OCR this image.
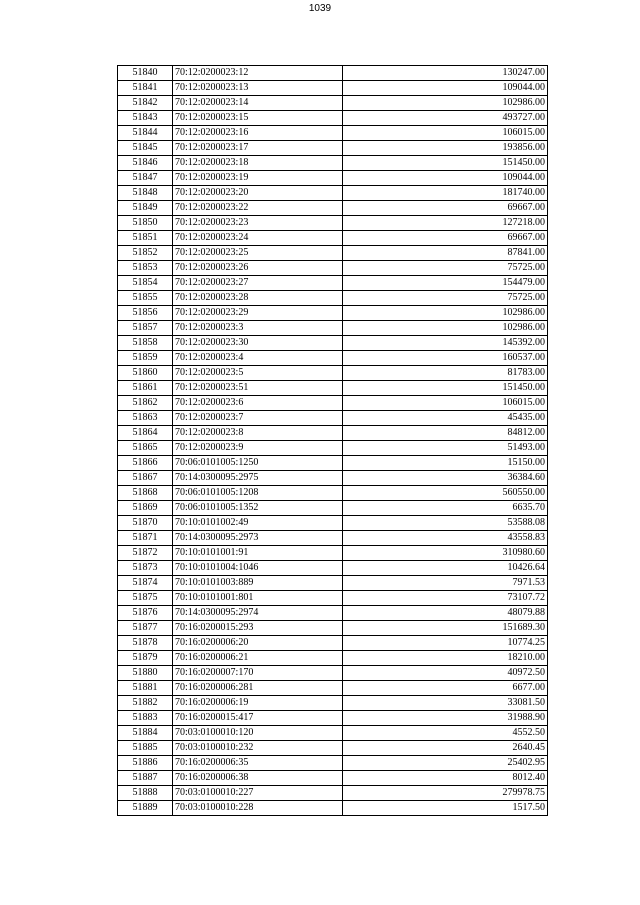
1039
51840	70:12:0200023:12	130247.00
51841	70:12:0200023:13	109044.00
51842	70:12:0200023:14	102986.00
51843	70:12:0200023:15	493727.00
51844	70:12:0200023:16	106015.00
51845	70:12:0200023:17	193856.00
51846	70:12:0200023:18	151450.00
51847	70:12:0200023:19	109044.00
51848	70:12:0200023:20	181740.00
51849	70:12:0200023:22	69667.00
51850	70:12:0200023:23	127218.00
51851	70:12:0200023:24	69667.00
51852	70:12:0200023:25	87841.00
51853	70:12:0200023:26	75725.00
51854	70:12:0200023:27	154479.00
51855	70:12:0200023:28	75725.00
51856	70:12:0200023:29	102986.00
51857	70:12:0200023:3	102986.00
51858	70:12:0200023:30	145392.00
51859	70:12:0200023:4	160537.00
51860	70:12:0200023:5	81783.00
51861	70:12:0200023:51	151450.00
51862	70:12:0200023:6	106015.00
51863	70:12:0200023:7	45435.00
51864	70:12:0200023:8	84812.00
51865	70:12:0200023:9	51493.00
51866	70:06:0101005:1250	15150.00
51867	70:14:0300095:2975	36384.60
51868	70:06:0101005:1208	560550.00
51869	70:06:0101005:1352	6635.70
51870	70:10:0101002:49	53588.08
51871	70:14:0300095:2973	43558.83
51872	70:10:0101001:91	310980.60
51873	70:10:0101004:1046	10426.64
51874	70:10:0101003:889	7971.53
51875	70:10:0101001:801	73107.72
51876	70:14:0300095:2974	48079.88
51877	70:16:0200015:293	151689.30
51878	70:16:0200006:20	10774.25
51879	70:16:0200006:21	18210.00
51880	70:16:0200007:170	40972.50
51881	70:16:0200006:281	6677.00
51882	70:16:0200006:19	33081.50
51883	70:16:0200015:417	31988.90
51884	70:03:0100010:120	4552.50
51885	70:03:0100010:232	2640.45
51886	70:16:0200006:35	25402.95
51887	70:16:0200006:38	8012.40
51888	70:03:0100010:227	279978.75
51889	70:03:0100010:228	1517.50
